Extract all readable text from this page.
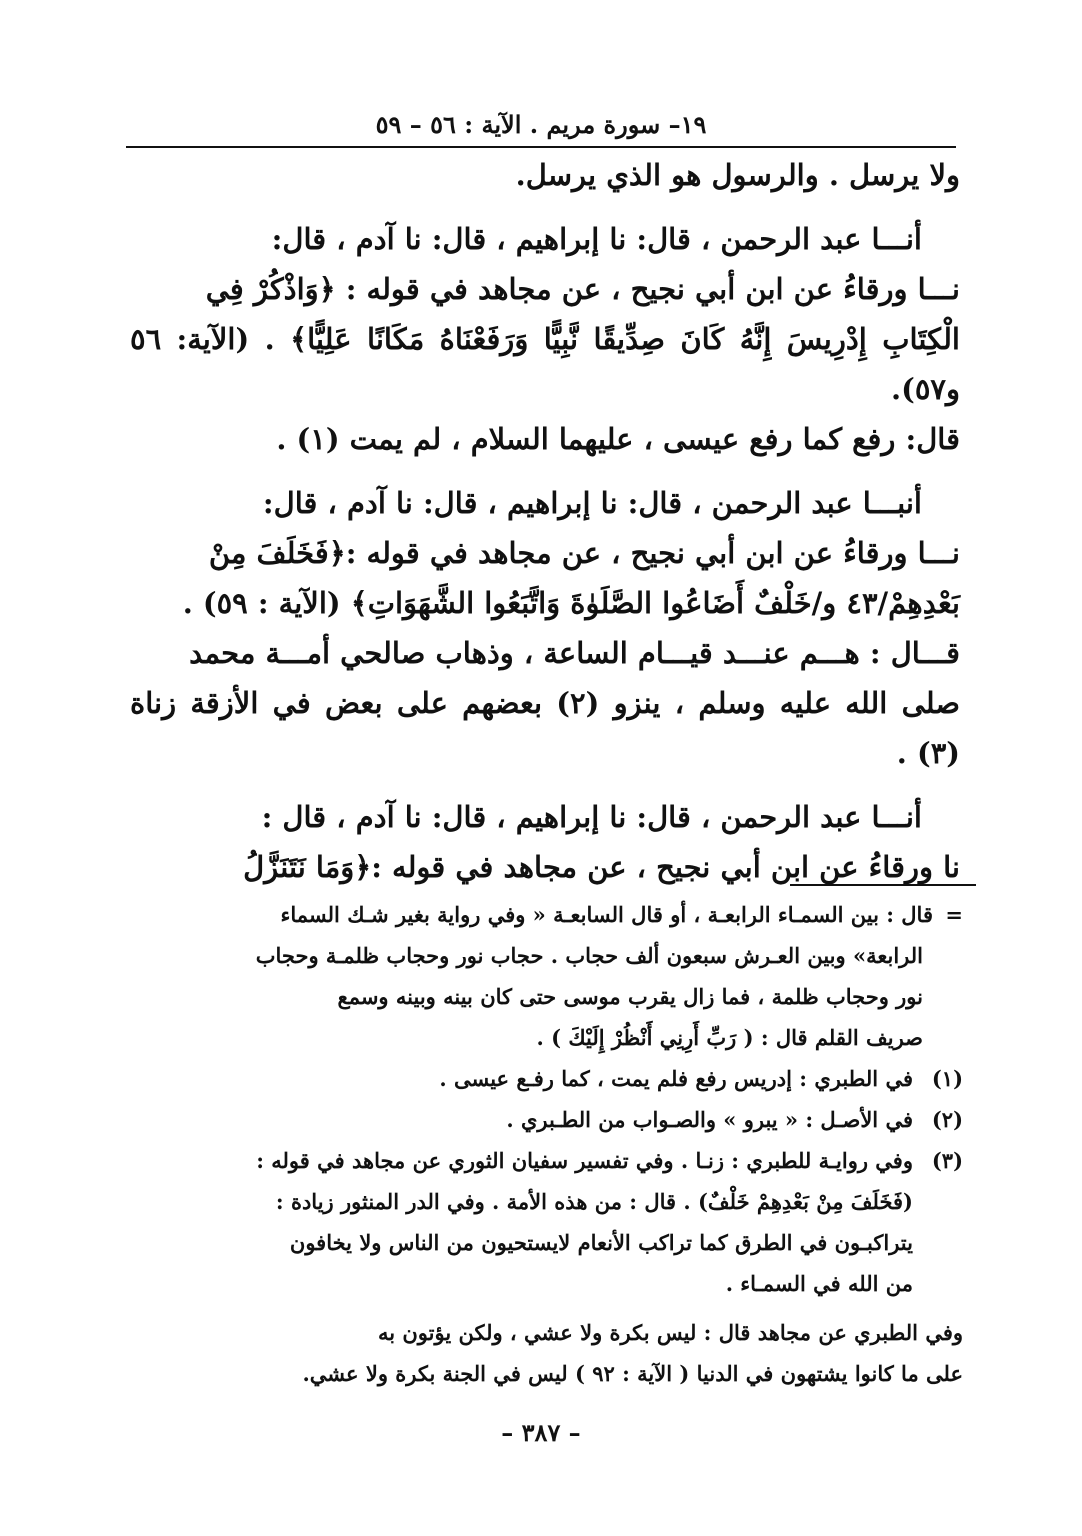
١٩– سورة مريم . الآية : ٥٦ – ٥٩

ولا يرسل . والرسول هو الذي يرسل.

أنـــا عبد الرحمن ، قال: نا إبراهيم ، قال: نا آدم ، قال:

نـــا ورقاءُ عن ابن أبي نجيح ، عن مجاهد في قوله : ﴿وَاذْكُرْ فِي

الْكِتَابِ إِدْرِيسَ إِنَّهُ كَانَ صِدِّيقًا نَّبِيًّا وَرَفَعْنَاهُ مَكَانًا عَلِيًّا﴾ . (الآية: ٥٦ و٥٧).

قال: رفع كما رفع عيسى ، عليهما السلام ، لم يمت (١) .

أنبـــا عبد الرحمن ، قال: نا إبراهيم ، قال: نا آدم ، قال:

نـــا ورقاءُ عن ابن أبي نجيح ، عن مجاهد في قوله :﴿فَخَلَفَ مِنْ

بَعْدِهِمْ/٤٣ و/خَلْفٌ أَضَاعُوا الصَّلَوٰةَ وَاتَّبَعُوا الشَّهَوَاتِ﴾ (الآية : ٥٩) .

قـــال : هـــم عنـــد قيـــام الساعة ، وذهاب صالحي أمـــة محمد

صلى الله عليه وسلم ، ينزو (٢) بعضهم على بعض في الأزقة زناة (٣) .

أنـــا عبد الرحمن ، قال: نا إبراهيم ، قال: نا آدم ، قال :

نا ورقاءُ عن ابن أبي نجيح ، عن مجاهد في قوله :﴿وَمَا نَتَنَزَّلُ

=قال : بين السمـاء الرابعـة ، أو قال السابعـة « وفي رواية بغير شـك السماء

الرابعة» وبين العـرش سبعون ألف حجاب . حجاب نور وحجاب ظلمـة وحجاب

نور وحجاب ظلمة ، فما زال يقرب موسى حتى كان بينه وبينه وسمع

صريف القلم قال : ( رَبِّ أَرِنِي أَنْظُرْ إِلَيْكَ ) .

(١)في الطبري : إدريس رفع فلم يمت ، كما رفـع عيسى .

(٢)في الأصـل : « يبرو » والصـواب من الطـبري .

(٣)وفي روايـة للطبري : زنـا . وفي تفسير سفيان الثوري عن مجاهد في قوله :

(فَخَلَفَ مِنْ بَعْدِهِمْ خَلْفٌ) . قال : من هذه الأمة . وفي الدر المنثور زيادة :

يتراكبـون في الطرق كما تراكب الأنعام لايستحيون من الناس ولا يخافون

من الله في السمـاء .

وفي الطبري عن مجاهد قال : ليس بكرة ولا عشي ، ولكن يؤتون به

على ما كانوا يشتهون في الدنيا ( الآية : ٩٢ ) ليس في الجنة بكرة ولا عشي.

– ٣٨٧ –
